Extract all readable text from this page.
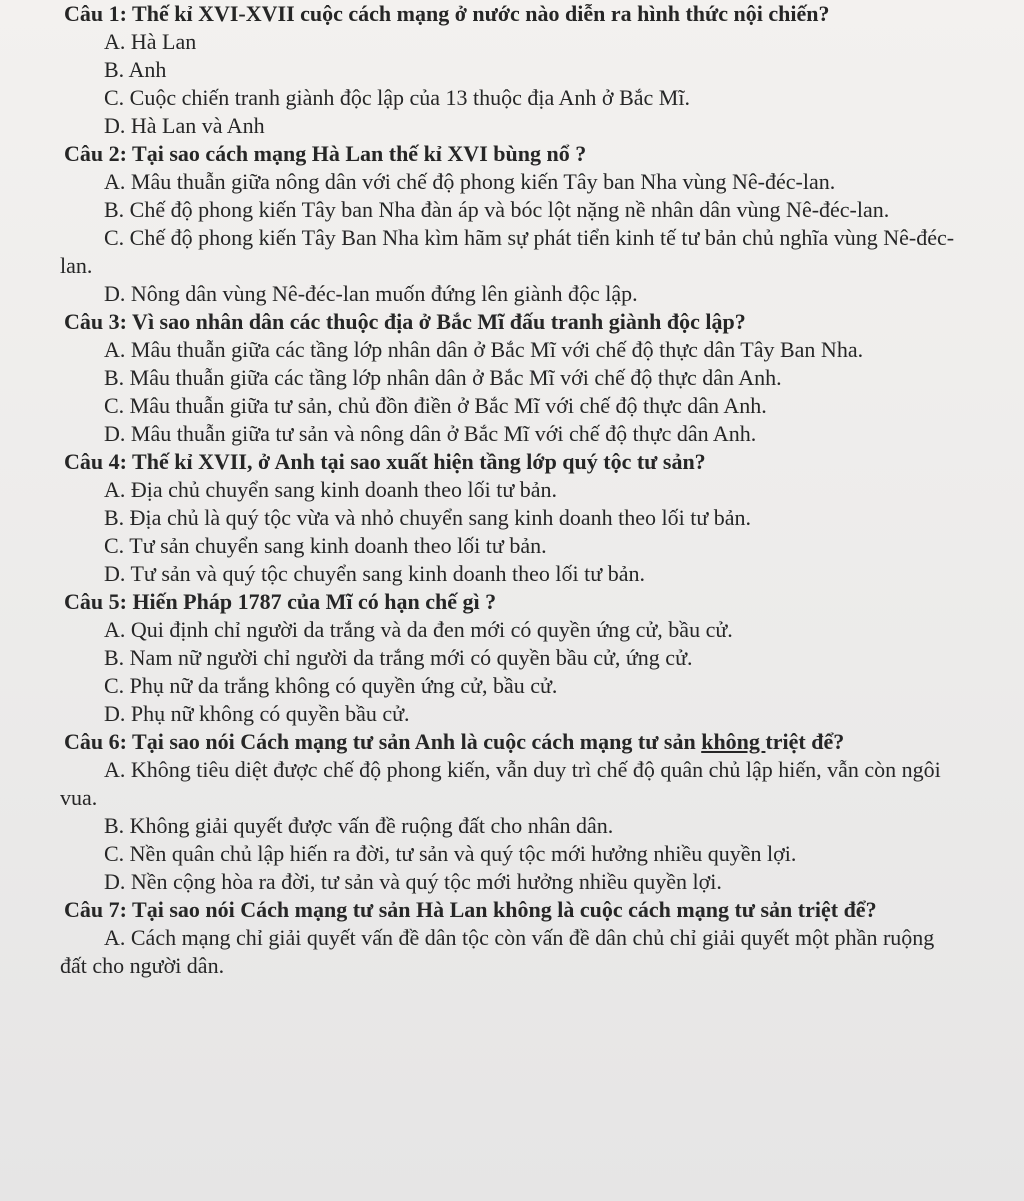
Câu 1: Thế kỉ XVI-XVII cuộc cách mạng ở nước nào diễn ra hình thức nội chiến?

A. Hà Lan

B. Anh

C. Cuộc chiến tranh giành độc lập của 13 thuộc địa Anh ở Bắc Mĩ.

D. Hà Lan và Anh

Câu 2: Tại sao cách mạng Hà Lan thế kỉ XVI bùng nổ ?

A. Mâu thuẫn giữa nông dân với chế độ phong kiến Tây ban Nha vùng Nê-đéc-lan.

B. Chế độ phong kiến Tây ban Nha đàn áp và bóc lột nặng nề nhân dân vùng Nê-đéc-lan.

C. Chế độ phong kiến Tây Ban Nha kìm hãm sự phát tiển kinh tế tư bản chủ nghĩa vùng Nê-đéc-lan.

D. Nông dân vùng Nê-đéc-lan muốn đứng lên giành độc lập.

Câu 3: Vì sao nhân dân các thuộc địa ở Bắc Mĩ đấu tranh giành độc lập?

A. Mâu thuẫn giữa các tầng lớp nhân dân ở Bắc Mĩ với chế độ thực dân Tây Ban Nha.

B. Mâu thuẫn giữa các tầng lớp nhân dân ở Bắc Mĩ với chế độ thực dân Anh.

C. Mâu thuẫn giữa tư sản, chủ đồn điền ở Bắc Mĩ với chế độ thực dân Anh.

D. Mâu thuẫn giữa tư sản và nông dân ở Bắc Mĩ với chế độ thực dân Anh.

Câu 4: Thế kỉ XVII, ở Anh tại sao xuất hiện tầng lớp quý tộc tư sản?

A. Địa chủ chuyển sang kinh doanh theo lối tư bản.

B. Địa chủ là quý tộc vừa và nhỏ chuyển sang kinh doanh theo lối tư bản.

C. Tư sản chuyển sang kinh doanh theo lối tư bản.

D. Tư sản và quý tộc chuyển sang kinh doanh theo lối tư bản.

Câu 5: Hiến Pháp 1787 của Mĩ có hạn chế gì ?

A. Qui định chỉ người da trắng và da đen mới có quyền ứng cử, bầu cử.

B. Nam nữ người chỉ người da trắng mới có quyền bầu cử, ứng cử.

C. Phụ nữ da trắng không có quyền ứng cử, bầu cử.

D. Phụ nữ không có quyền bầu cử.

Câu 6: Tại sao nói Cách mạng tư sản Anh là cuộc cách mạng tư sản không triệt để?

A. Không tiêu diệt được chế độ phong kiến, vẫn duy trì chế độ quân chủ lập hiến, vẫn còn ngôi vua.

B. Không giải quyết được vấn đề ruộng đất cho nhân dân.

C. Nền quân chủ lập hiến ra đời, tư sản và quý tộc mới hưởng nhiều quyền lợi.

D. Nền cộng hòa ra đời, tư sản và quý tộc mới hưởng nhiều quyền lợi.

Câu 7: Tại sao nói Cách mạng tư sản Hà Lan không là cuộc cách mạng tư sản triệt để?

A. Cách mạng chỉ giải quyết vấn đề dân tộc còn vấn đề dân chủ chỉ giải quyết một phần ruộng đất cho người dân.
